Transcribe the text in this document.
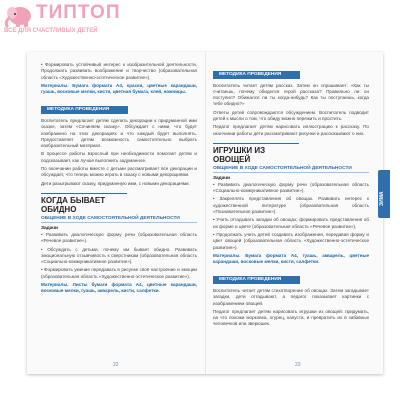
ТИПТОП
ВСЁ ДЛЯ СЧАСТЛИВЫХ ДЕТЕЙ

• Формировать устойчивый интерес к изобразительной деятельности. Продолжать развивать воображение и творчество (образовательная область «Художественно-эстетическое развитие»).

Материалы. Бумага формата А4, краски, цветные карандаши, гуашь, восковые мелки, кисти, цветная бумага, клей, ножницы.

МЕТОДИКА ПРОВЕДЕНИЯ

Воспитатель предлагает детям сделать декорации к придуманной ими сказке, затем «Сочиняем сказку». Обсуждает с ними, что будет изображено на этих декорациях и что каждый будет выполнять. Предоставляет детям возможность самостоятельно выбрать изобразительный материал.

В процессе работы взрослый при необходимости помогает детям и подсказывает, как лучше выполнить задуманное.

По окончании работы вместе с детьми рассматривает все декорации и обсуждает, что теперь можно играть в сказку с новыми декорациями.

Дети разыгрывают сказку, придуманную ими, с новыми декорациями.

КОГДА БЫВАЕТ
ОБИДНО
ОБЩЕНИЕ В ХОДЕ САМОСТОЯТЕЛЬНОЙ ДЕЯТЕЛЬНОСТИ
Задачи

• Развивать диалогическую форму речи (образовательная область «Речевое развитие»).

• Обсуждать с детьми, почему им бывает обидно. Развивать эмоциональную отзывчивость к сверстникам (образовательная область «Социально-коммуникативное развитие»).

• Формировать умение передавать в рисунке своё настроение и эмоции (образовательная область «Художественно-эстетическое развитие»).

Материалы. Листы бумаги формата А4, цветные карандаши, восковые мелки, гуашь, акварель, кисти, салфетки.

МЕТОДИКА ПРОВЕДЕНИЯ

Воспитатель читает детям рассказ. Затем он спрашивает: «Как ты считаешь, почему обиделся герой рассказа? Правильно ли он поступил? Обижался ли ты когда-нибудь? Как ты поступаешь, когда тебе обидно?»

Ответы детей сопровождаются обсуждением. Воспитатель подводит детей к мысли о том, что обиду можно пережить и простить.

Педагог предлагает детям нарисовать иллюстрацию к рассказу. По окончании работы дети рассматривают рисунки и рассказывают о них.

ИГРУШКИ ИЗ ОВОЩЕЙ
ОБЩЕНИЕ В ХОДЕ САМОСТОЯТЕЛЬНОЙ ДЕЯТЕЛЬНОСТИ
Задачи

• Развивать диалогическую форму речи (образовательная область «Социально-коммуникативное развитие»).

• Закреплять представления об овощах. Развивать интерес к художественной литературе (образовательная область «Познавательное развитие»).

• Учить отгадывать загадки об овощах, формировать представления об их форме и цвете (образовательная область «Речевое развитие»).

• Продолжать учить детей создавать изображения, передавая форму и цвет овощей (образовательная область «Художественно-эстетическое развитие»).

Материалы. Бумага формата А4, гуашь, акварель, цветные карандаши, восковые мелки, кисти, салфетки.

МЕТОДИКА ПРОВЕДЕНИЯ

Воспитатель читает детям стихотворение об овощах. Затем загадывает загадки, дети отгадывают, а педагог показывает картинки с изображением овощей.

Педагог предлагает детям нарисовать игрушки из овощей: придумать, на что похожи морковка, огурец, капуста, и превратить их в забавных человечков или зверюшек.

22	23
ЗИМА
